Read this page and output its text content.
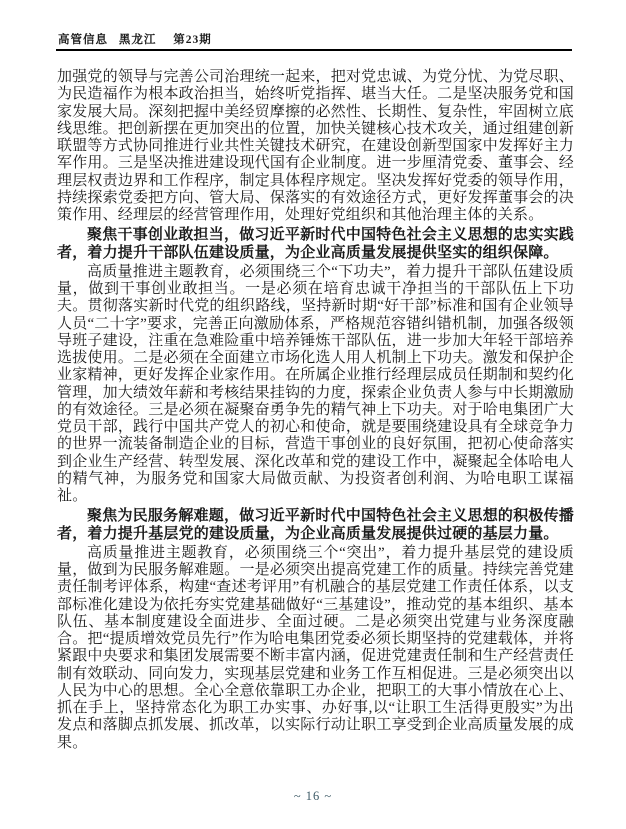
高管信息 黑龙江 第23期

加强党的领导与完善公司治理统一起来，把对党忠诚、为党分忧、为党尽职、为民造福作为根本政治担当，始终听党指挥、堪当大任。二是坚决服务党和国家发展大局。深刻把握中美经贸摩擦的必然性、长期性、复杂性，牢固树立底线思维。把创新摆在更加突出的位置，加快关键核心技术攻关，通过组建创新联盟等方式协同推进行业共性关键技术研究，在建设创新型国家中发挥好主力军作用。三是坚决推进建设现代国有企业制度。进一步厘清党委、董事会、经理层权责边界和工作程序，制定具体程序规定。坚决发挥好党委的领导作用，持续探索党委把方向、管大局、保落实的有效途径方式，更好发挥董事会的决策作用、经理层的经营管理作用，处理好党组织和其他治理主体的关系。

聚焦干事创业敢担当，做习近平新时代中国特色社会主义思想的忠实实践者，着力提升干部队伍建设质量，为企业高质量发展提供坚实的组织保障。

高质量推进主题教育，必须围绕三个“下功夫”，着力提升干部队伍建设质量，做到干事创业敢担当。一是必须在培育忠诚干净担当的干部队伍上下功夫。贯彻落实新时代党的组织路线，坚持新时期“好干部”标准和国有企业领导人员“二十字”要求，完善正向激励体系，严格规范容错纠错机制，加强各级领导班子建设，注重在急难险重中培养锤炼干部队伍，进一步加大年轻干部培养选拔使用。二是必须在全面建立市场化选人用人机制上下功夫。激发和保护企业家精神，更好发挥企业家作用。在所属企业推行经理层成员任期制和契约化管理，加大绩效年薪和考核结果挂钩的力度，探索企业负责人参与中长期激励的有效途径。三是必须在凝聚奋勇争先的精气神上下功夫。对于哈电集团广大党员干部，践行中国共产党人的初心和使命，就是要围绕建设具有全球竞争力的世界一流装备制造企业的目标，营造干事创业的良好氛围，把初心使命落实到企业生产经营、转型发展、深化改革和党的建设工作中，凝聚起全体哈电人的精气神，为服务党和国家大局做贡献、为投资者创利润、为哈电职工谋福祉。

聚焦为民服务解难题，做习近平新时代中国特色社会主义思想的积极传播者，着力提升基层党的建设质量，为企业高质量发展提供过硬的基层力量。

高质量推进主题教育，必须围绕三个“突出”，着力提升基层党的建设质量，做到为民服务解难题。一是必须突出提高党建工作的质量。持续完善党建责任制考评体系，构建“查述考评用”有机融合的基层党建工作责任体系，以支部标准化建设为依托夯实党建基础做好“三基建设”，推动党的基本组织、基本队伍、基本制度建设全面进步、全面过硬。二是必须突出党建与业务深度融合。把“提质增效党员先行”作为哈电集团党委必须长期坚持的党建载体，并将紧跟中央要求和集团发展需要不断丰富内涵，促进党建责任制和生产经营责任制有效联动、同向发力，实现基层党建和业务工作互相促进。三是必须突出以人民为中心的思想。全心全意依靠职工办企业，把职工的大事小情放在心上、抓在手上，坚持常态化为职工办实事、办好事,以“让职工生活得更殷实”为出发点和落脚点抓发展、抓改革，以实际行动让职工享受到企业高质量发展的成果。

~ 16 ~
